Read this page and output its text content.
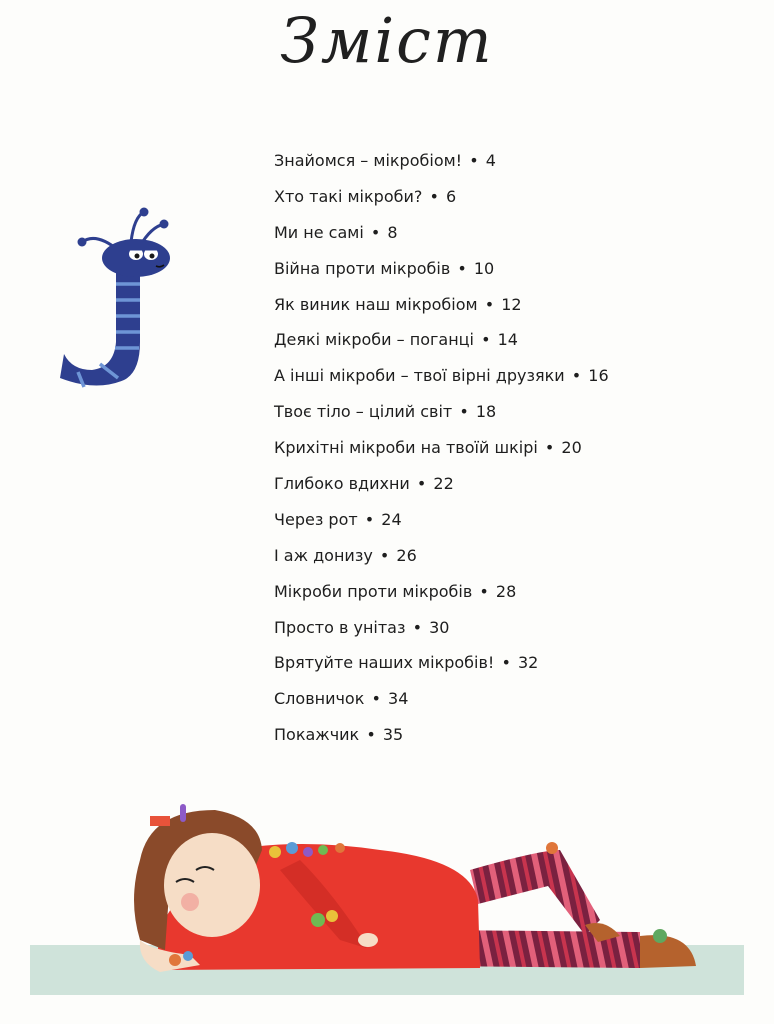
Зміст
Знайомся – мікробіом! • 4
Хто такі мікроби? • 6
Ми не самі • 8
Війна проти мікробів • 10
Як виник наш мікробіом • 12
Деякі мікроби – поганці • 14
А інші мікроби – твої вірні друзяки • 16
Твоє тіло – цілий світ • 18
Крихітні мікроби на твоїй шкірі • 20
Глибоко вдихни • 22
Через рот • 24
І аж донизу • 26
Мікроби проти мікробів • 28
Просто в унітаз • 30
Врятуйте наших мікробів! • 32
Словничок • 34
Покажчик • 35
